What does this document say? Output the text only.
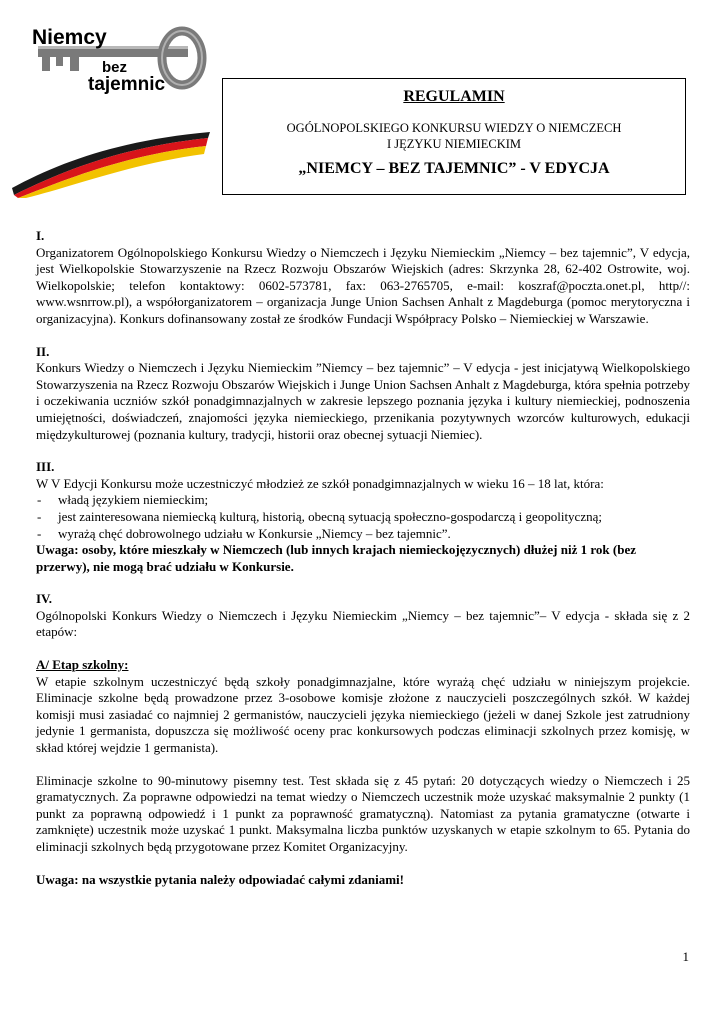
Niemcy
bez
tajemnic
REGULAMIN
OGÓLNOPOLSKIEGO KONKURSU WIEDZY O NIEMCZECH
I JĘZYKU NIEMIECKIM
„NIEMCY – BEZ TAJEMNIC” - V EDYCJA
I.
Organizatorem Ogólnopolskiego Konkursu Wiedzy o Niemczech i Języku Niemieckim „Niemcy – bez tajemnic”, V edycja, jest Wielkopolskie Stowarzyszenie na Rzecz Rozwoju Obszarów Wiejskich (adres: Skrzynka 28, 62-402 Ostrowite, woj. Wielkopolskie; telefon kontaktowy: 0602-573781, fax: 063-2765705, e-mail: koszraf@poczta.onet.pl, http//: www.wsnrrow.pl), a współorganizatorem – organizacja Junge Union Sachsen Anhalt z Magdeburga (pomoc merytoryczna i organizacyjna). Konkurs dofinansowany został ze środków Fundacji Współpracy Polsko – Niemieckiej w Warszawie.
II.
Konkurs Wiedzy o Niemczech i Języku Niemieckim ”Niemcy – bez tajemnic” – V edycja - jest inicjatywą Wielkopolskiego Stowarzyszenia na Rzecz Rozwoju Obszarów Wiejskich i Junge Union Sachsen Anhalt z Magdeburga, która spełnia potrzeby i oczekiwania uczniów szkół ponadgimnazjalnych w zakresie lepszego poznania języka i kultury niemieckiej, podnoszenia umiejętności, doświadczeń, znajomości języka niemieckiego, przenikania pozytywnych wzorców kulturowych, edukacji międzykulturowej (poznania kultury, tradycji, historii oraz obecnej sytuacji Niemiec).
III.
W V Edycji Konkursu może uczestniczyć młodzież ze szkół ponadgimnazjalnych w wieku 16 – 18 lat, która:
- władą językiem niemieckim;
- jest zainteresowana niemiecką kulturą, historią, obecną sytuacją społeczno-gospodarczą i geopolityczną;
- wyrażą chęć dobrowolnego udziału w Konkursie „Niemcy – bez tajemnic”.
Uwaga: osoby, które mieszkały w Niemczech (lub innych krajach niemieckojęzycznych) dłużej niż 1 rok (bez przerwy), nie mogą brać udziału w Konkursie.
IV.
Ogólnopolski Konkurs Wiedzy o Niemczech i Języku Niemieckim „Niemcy – bez tajemnic”– V edycja - składa się z 2 etapów:
A/ Etap szkolny:
W etapie szkolnym uczestniczyć będą szkoły ponadgimnazjalne, które wyrażą chęć udziału w niniejszym projekcie. Eliminacje szkolne będą prowadzone przez 3-osobowe komisje złożone z nauczycieli poszczególnych szkół. W każdej komisji musi zasiadać co najmniej 2 germanistów, nauczycieli języka niemieckiego (jeżeli w danej Szkole jest zatrudniony jedynie 1 germanista, dopuszcza się możliwość oceny prac konkursowych podczas eliminacji szkolnych przez komisję, w skład której wejdzie 1 germanista).
Eliminacje szkolne to 90-minutowy pisemny test. Test składa się z 45 pytań: 20 dotyczących wiedzy o Niemczech i 25 gramatycznych. Za poprawne odpowiedzi na temat wiedzy o Niemczech uczestnik może uzyskać maksymalnie 2 punkty (1 punkt za poprawną odpowiedź i 1 punkt za poprawność gramatyczną). Natomiast za pytania gramatyczne (otwarte i zamknięte) uczestnik może uzyskać 1 punkt. Maksymalna liczba punktów uzyskanych w etapie szkolnym to 65. Pytania do eliminacji szkolnych będą przygotowane przez Komitet Organizacyjny.
Uwaga: na wszystkie pytania należy odpowiadać całymi zdaniami!
1
